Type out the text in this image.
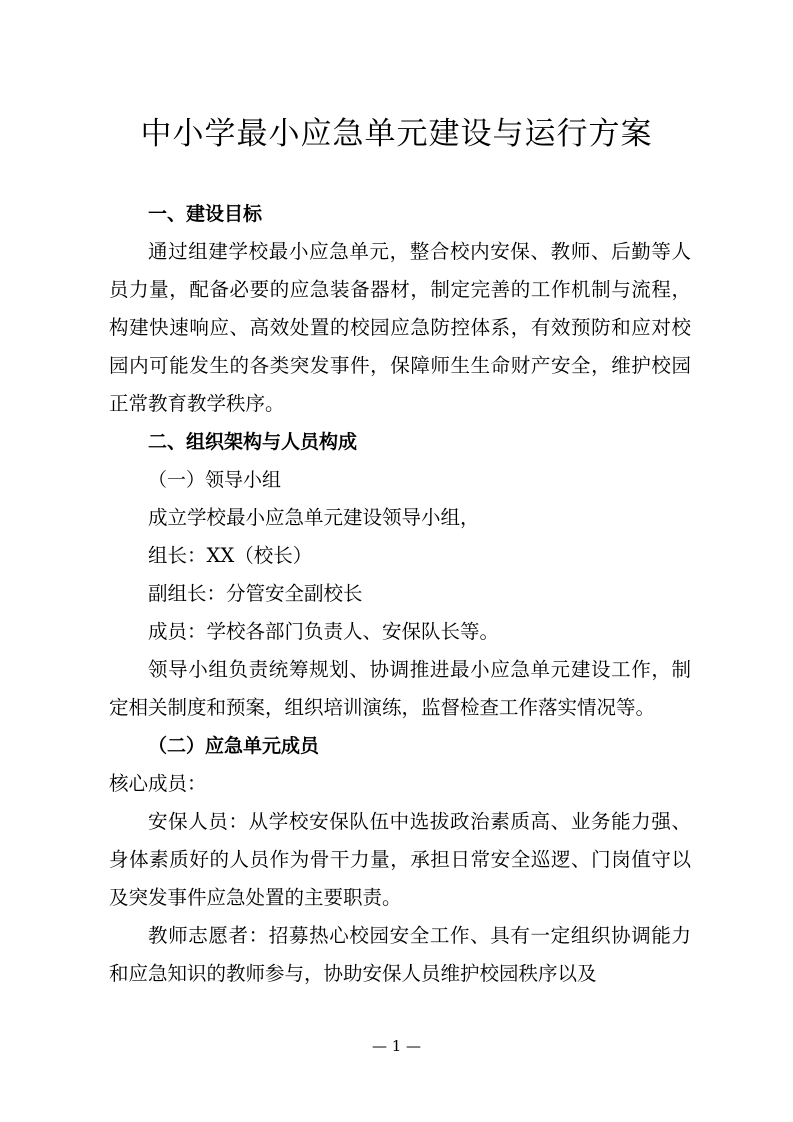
中小学最小应急单元建设与运行方案

一、建设目标

通过组建学校最小应急单元，整合校内安保、教师、后勤等人员力量，配备必要的应急装备器材，制定完善的工作机制与流程，构建快速响应、高效处置的校园应急防控体系，有效预防和应对校园内可能发生的各类突发事件，保障师生生命财产安全，维护校园正常教育教学秩序。

二、组织架构与人员构成

（一）领导小组

成立学校最小应急单元建设领导小组，

组长：XX（校长）

副组长：分管安全副校长

成员：学校各部门负责人、安保队长等。

领导小组负责统筹规划、协调推进最小应急单元建设工作，制定相关制度和预案，组织培训演练，监督检查工作落实情况等。

（二）应急单元成员

核心成员：

安保人员：从学校安保队伍中选拔政治素质高、业务能力强、身体素质好的人员作为骨干力量，承担日常安全巡逻、门岗值守以及突发事件应急处置的主要职责。

教师志愿者：招募热心校园安全工作、具有一定组织协调能力和应急知识的教师参与，协助安保人员维护校园秩序以及

— 1 —
